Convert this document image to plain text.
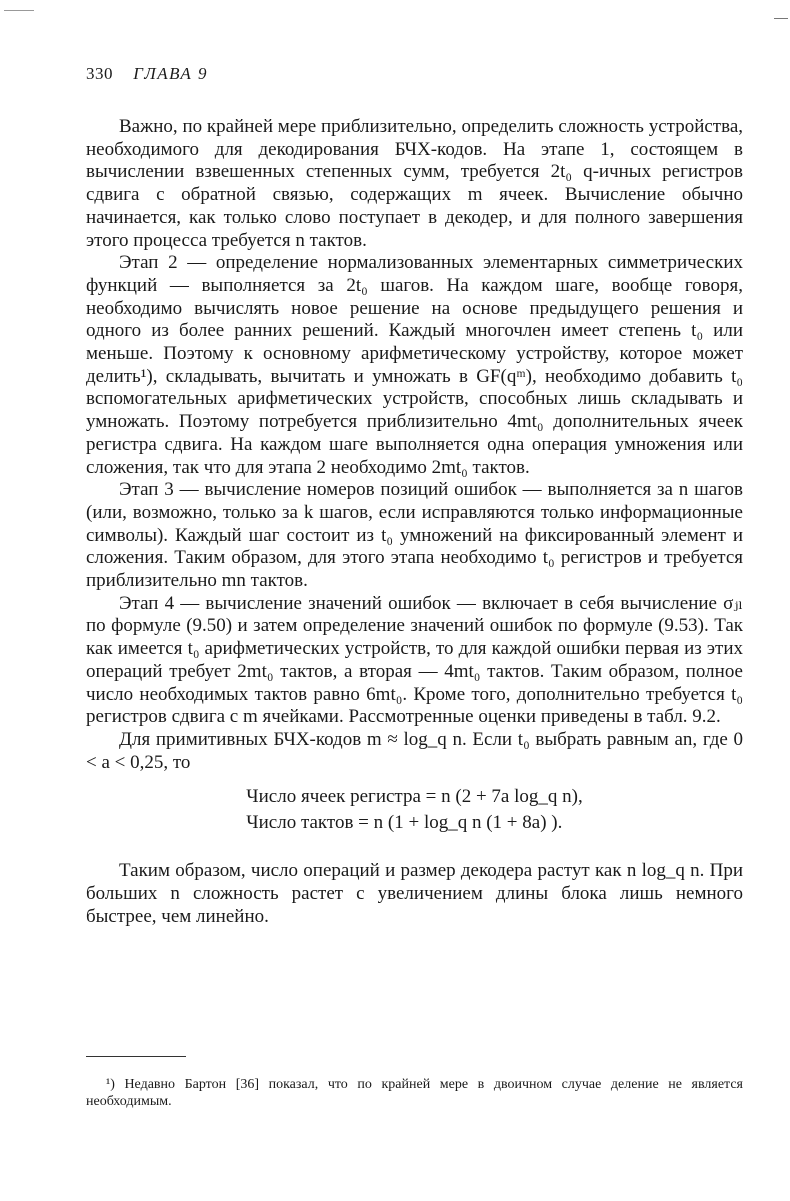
330 ГЛАВА 9

Важно, по крайней мере приблизительно, определить сложность устройства, необходимого для декодирования БЧХ-кодов. На этапе 1, состоящем в вычислении взвешенных степенных сумм, требуется 2t₀ q-ичных регистров сдвига с обратной связью, содержащих m ячеек. Вычисление обычно начинается, как только слово поступает в декодер, и для полного завершения этого процесса требуется n тактов.

Этап 2 — определение нормализованных элементарных симметрических функций — выполняется за 2t₀ шагов. На каждом шаге, вообще говоря, необходимо вычислять новое решение на основе предыдущего решения и одного из более ранних решений. Каждый многочлен имеет степень t₀ или меньше. Поэтому к основному арифметическому устройству, которое может делить¹), складывать, вычитать и умножать в GF(qᵐ), необходимо добавить t₀ вспомогательных арифметических устройств, способных лишь складывать и умножать. Поэтому потребуется приблизительно 4mt₀ дополнительных ячеек регистра сдвига. На каждом шаге выполняется одна операция умножения или сложения, так что для этапа 2 необходимо 2mt₀ тактов.

Этап 3 — вычисление номеров позиций ошибок — выполняется за n шагов (или, возможно, только за k шагов, если исправляются только информационные символы). Каждый шаг состоит из t₀ умножений на фиксированный элемент и сложения. Таким образом, для этого этапа необходимо t₀ регистров и требуется приблизительно mn тактов.

Этап 4 — вычисление значений ошибок — включает в себя вычисление σⱼₗ по формуле (9.50) и затем определение значений ошибок по формуле (9.53). Так как имеется t₀ арифметических устройств, то для каждой ошибки первая из этих операций требует 2mt₀ тактов, а вторая — 4mt₀ тактов. Таким образом, полное число необходимых тактов равно 6mt₀. Кроме того, дополнительно требуется t₀ регистров сдвига с m ячейками. Рассмотренные оценки приведены в табл. 9.2.

Для примитивных БЧХ-кодов m ≈ log_q n. Если t₀ выбрать равным an, где 0 < a < 0,25, то

Число ячеек регистра = n (2 + 7a log_q n),
Число тактов = n (1 + log_q n (1 + 8a) ).

Таким образом, число операций и размер декодера растут как n log_q n. При больших n сложность растет с увеличением длины блока лишь немного быстрее, чем линейно.

¹) Недавно Бартон [36] показал, что по крайней мере в двоичном случае деление не является необходимым.
